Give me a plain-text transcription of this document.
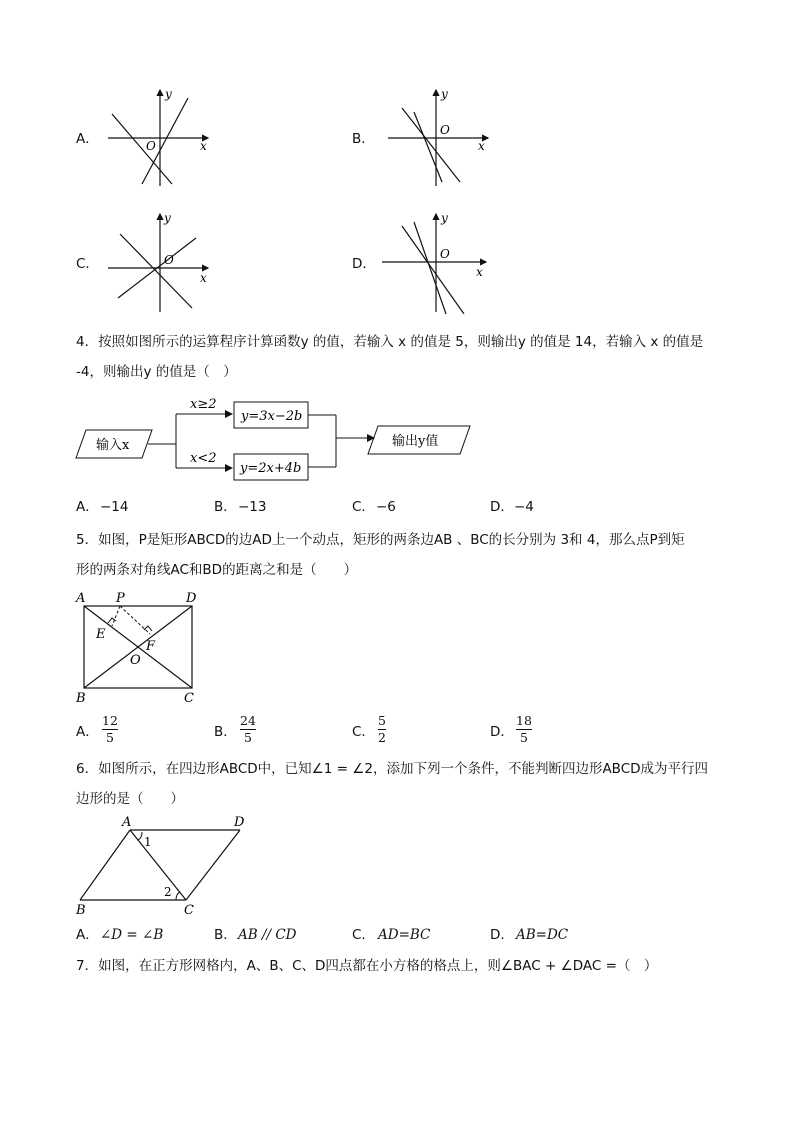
A．
y
x
O	B．
y
x
O
C．
y
x
O	D．
y
x
O
4．按照如图所示的运算程序计算函数y 的值，若输入 x 的值是 5，则输出y 的值是 14，若输入 x 的值是
-4，则输出y 的值是（　）
输入x
x≥2
x<2
y=3x−2b
y=2x+4b
输出y值
A． −14	B． −13	C． −6	D． −4
5．如图，P是矩形ABCD的边AD上一个动点，矩形的两条边AB 、BC的长分别为 3和 4，那么点P到矩
形的两条对角线AC和BD的距离之和是（　　）
A P	D
E
F
O
B	C
A．
12
5	B．
24
5	C．
5
2	D．
18
5
6．如图所示，在四边形ABCD中，已知∠1 = ∠2，添加下列一个条件，不能判断四边形ABCD成为平行四
边形的是（　　）
A	D
B	C
1
2
A． ∠D = ∠B	B． AB // CD	C． AD=BC	D． AB=DC
7．如图，在正方形网格内，A、B、C、D四点都在小方格的格点上，则∠BAC + ∠DAC =（　）
